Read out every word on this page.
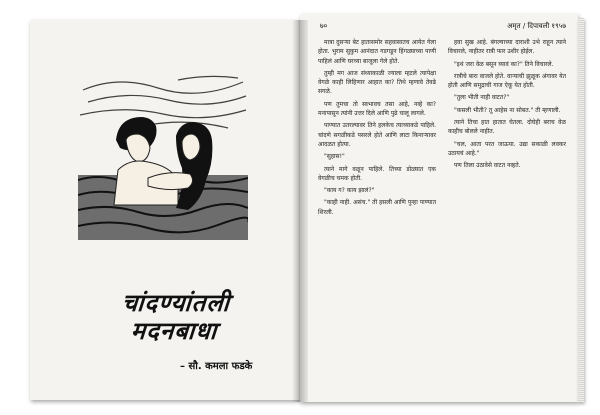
चांदण्यांतली
मदनबाधा
– सौ. कमला फडके
७०	अमृत / दिपावली १९५७

मात्रा दुसऱ्या बेट हातासमोर सहवासातच आयेत गेला होता. भुराम सुकुम आनंदात गडगडून हिंगळ्याच्या पाणी पाहिलं आणि घरच्या बाजूला गेले होते.

तुम्ही मग आज संध्याकाळी ज्याला म्हटले त्यापेक्षा वेगळे काही लिहिणार आहात का? तिथे म्हणावे तेवढे सगळे.

पण तुमचा तो स्वभावच तसा आहे, नव्हे का? मनापासून त्यांनी उत्तर दिले आणि पुढे चालू लागले.

पाण्यात उतरल्यावर तिने हलकेच त्याच्याकडे पाहिले. चांदणे सगळीकडे पसरले होते आणि लाटा किनाऱ्यावर आदळत होत्या.

"सुहास!"

त्याने मागे वळून पाहिले. तिच्या डोळ्यात एक वेगळीच चमक होती.

"काय ग? काय झालं?"

"काही नाही. असंच." ती हसली आणि पुन्हा पाण्यात शिरली.

हवा सुख आहे. बंगल्याच्या दाराशी उभे राहून त्याने विचारले, नाहीतर रात्री फार उशीर होईल.

"इथं जरा वेळ बसून घ्यावं का?" तिने विचारले.

रात्रीचे बारा वाजले होते. वाऱ्याची झुळूक अंगावर येत होती आणि समुद्राची गाज ऐकू येत होती.

"तुला भीती नाही वाटत?"

"कसली भीती? तू आहेस ना सोबत." ती म्हणाली.

त्याने तिचा हात हातात घेतला. दोघेही बराच वेळ काहीच बोलले नाहीत.

"चल, आता परत जाऊया. उद्या सकाळी लवकर उठायचं आहे."

पण तिला उठावेसे वाटत नव्हते.
